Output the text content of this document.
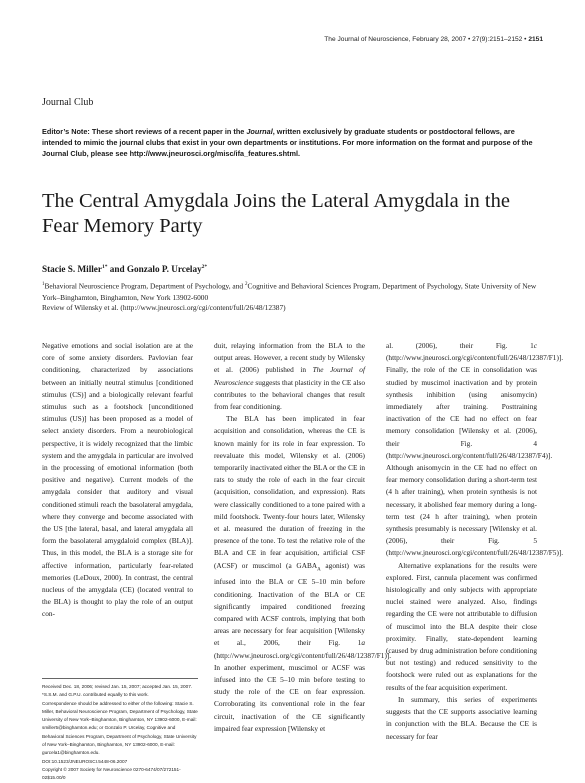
The Journal of Neuroscience, February 28, 2007 • 27(9):2151–2152 • 2151
Journal Club
Editor’s Note: These short reviews of a recent paper in the Journal, written exclusively by graduate students or postdoctoral fellows, are intended to mimic the journal clubs that exist in your own departments or institutions. For more information on the format and purpose of the Journal Club, please see http://www.jneurosci.org/misc/ifa_features.shtml.
The Central Amygdala Joins the Lateral Amygdala in the Fear Memory Party
Stacie S. Miller$^{1*}$ and Gonzalo P. Urcelay$^{2*}$
$^1$Behavioral Neuroscience Program, Department of Psychology, and $^2$Cognitive and Behavioral Sciences Program, Department of Psychology, State University of New York–Binghamton, Binghamton, New York 13902-6000
Review of Wilensky et al. (http://www.jneurosci.org/cgi/content/full/26/48/12387)

Negative emotions and social isolation are at the core of some anxiety disorders. Pavlovian fear conditioning, characterized by associations between an initially neutral stimulus [conditioned stimulus (CS)] and a biologically relevant fearful stimulus such as a footshock [unconditioned stimulus (US)] has been proposed as a model of select anxiety disorders. From a neurobiological perspective, it is widely recognized that the limbic system and the amygdala in particular are involved in the processing of emotional information (both positive and negative). Current models of the amygdala consider that auditory and visual conditioned stimuli reach the basolateral amygdala, where they converge and become associated with the US [the lateral, basal, and lateral amygdala all form the basolateral amygdaloid complex (BLA)]. Thus, in this model, the BLA is a storage site for affective information, particularly fear-related memories (LeDoux, 2000). In contrast, the central nucleus of the amygdala (CE) (located ventral to the BLA) is thought to play the role of an output con-

duit, relaying information from the BLA to the output areas. However, a recent study by Wilensky et al. (2006) published in The Journal of Neuroscience suggests that plasticity in the CE also contributes to the behavioral changes that result from fear conditioning.

The BLA has been implicated in fear acquisition and consolidation, whereas the CE is known mainly for its role in fear expression. To reevaluate this model, Wilensky et al. (2006) temporarily inactivated either the BLA or the CE in rats to study the role of each in the fear circuit (acquisition, consolidation, and expression). Rats were classically conditioned to a tone paired with a mild footshock. Twenty-four hours later, Wilensky et al. measured the duration of freezing in the presence of the tone. To test the relative role of the BLA and CE in fear acquisition, artificial CSF (ACSF) or muscimol (a $GABA_A$ agonist) was infused into the BLA or CE 5–10 min before conditioning. Inactivation of the BLA or CE significantly impaired conditioned freezing compared with ACSF controls, implying that both areas are necessary for fear acquisition [Wilensky et al., 2006, their Fig. 1a (http://www.jneurosci.org/cgi/content/full/26/48/12387/F1)]. In another experiment, muscimol or ACSF was infused into the CE 5–10 min before testing to study the role of the CE on fear expression. Corroborating its conventional role in the fear circuit, inactivation of the CE significantly impaired fear expression [Wilensky et

al. (2006), their Fig. 1c (http://www.jneurosci.org/cgi/content/full/26/48/12387/F1)]. Finally, the role of the CE in consolidation was studied by muscimol inactivation and by protein synthesis inhibition (using anisomycin) immediately after training. Posttraining inactivation of the CE had no effect on fear memory consolidation [Wilensky et al. (2006), their Fig. 4 (http://www.jneurosci.org/content/full/26/48/12387/F4)]. Although anisomycin in the CE had no effect on fear memory consolidation during a short-term test (4 h after training), when protein synthesis is not necessary, it abolished fear memory during a long-term test (24 h after training), when protein synthesis presumably is necessary [Wilensky et al. (2006), their Fig. 5 (http://www.jneurosci.org/cgi/content/full/26/48/12387/F5)].

Alternative explanations for the results were explored. First, cannula placement was confirmed histologically and only subjects with appropriate nuclei stained were analyzed. Also, findings regarding the CE were not attributable to diffusion of muscimol into the BLA despite their close proximity. Finally, state-dependent learning (caused by drug administration before conditioning but not testing) and reduced sensitivity to the footshock were ruled out as explanations for the results of the fear acquisition experiment.

In summary, this series of experiments suggests that the CE supports associative learning in conjunction with the BLA. Because the CE is necessary for fear

Received Dec. 18, 2006; revised Jan. 15, 2007; accepted Jan. 15, 2007.

*S.S.M. and G.P.U. contributed equally to this work.

Correspondence should be addressed to either of the following: Stacie S. Miller, Behavioral Neuroscience Program, Department of Psychology, State University of New York–Binghamton, Binghamton, NY 13902-6000, E-mail: smiller5@binghamton.edu; or Gonzalo P. Urcelay, Cognitive and Behavioral Sciences Program, Department of Psychology, State University of New York–Binghamton, Binghamton, NY 13902-6000, E-mail: gurcela1@binghamton.edu.

DOI:10.1523/JNEUROSCI.5448-06.2007

Copyright © 2007 Society for Neuroscience 0270-6474/07/272151-02$15.00/0
